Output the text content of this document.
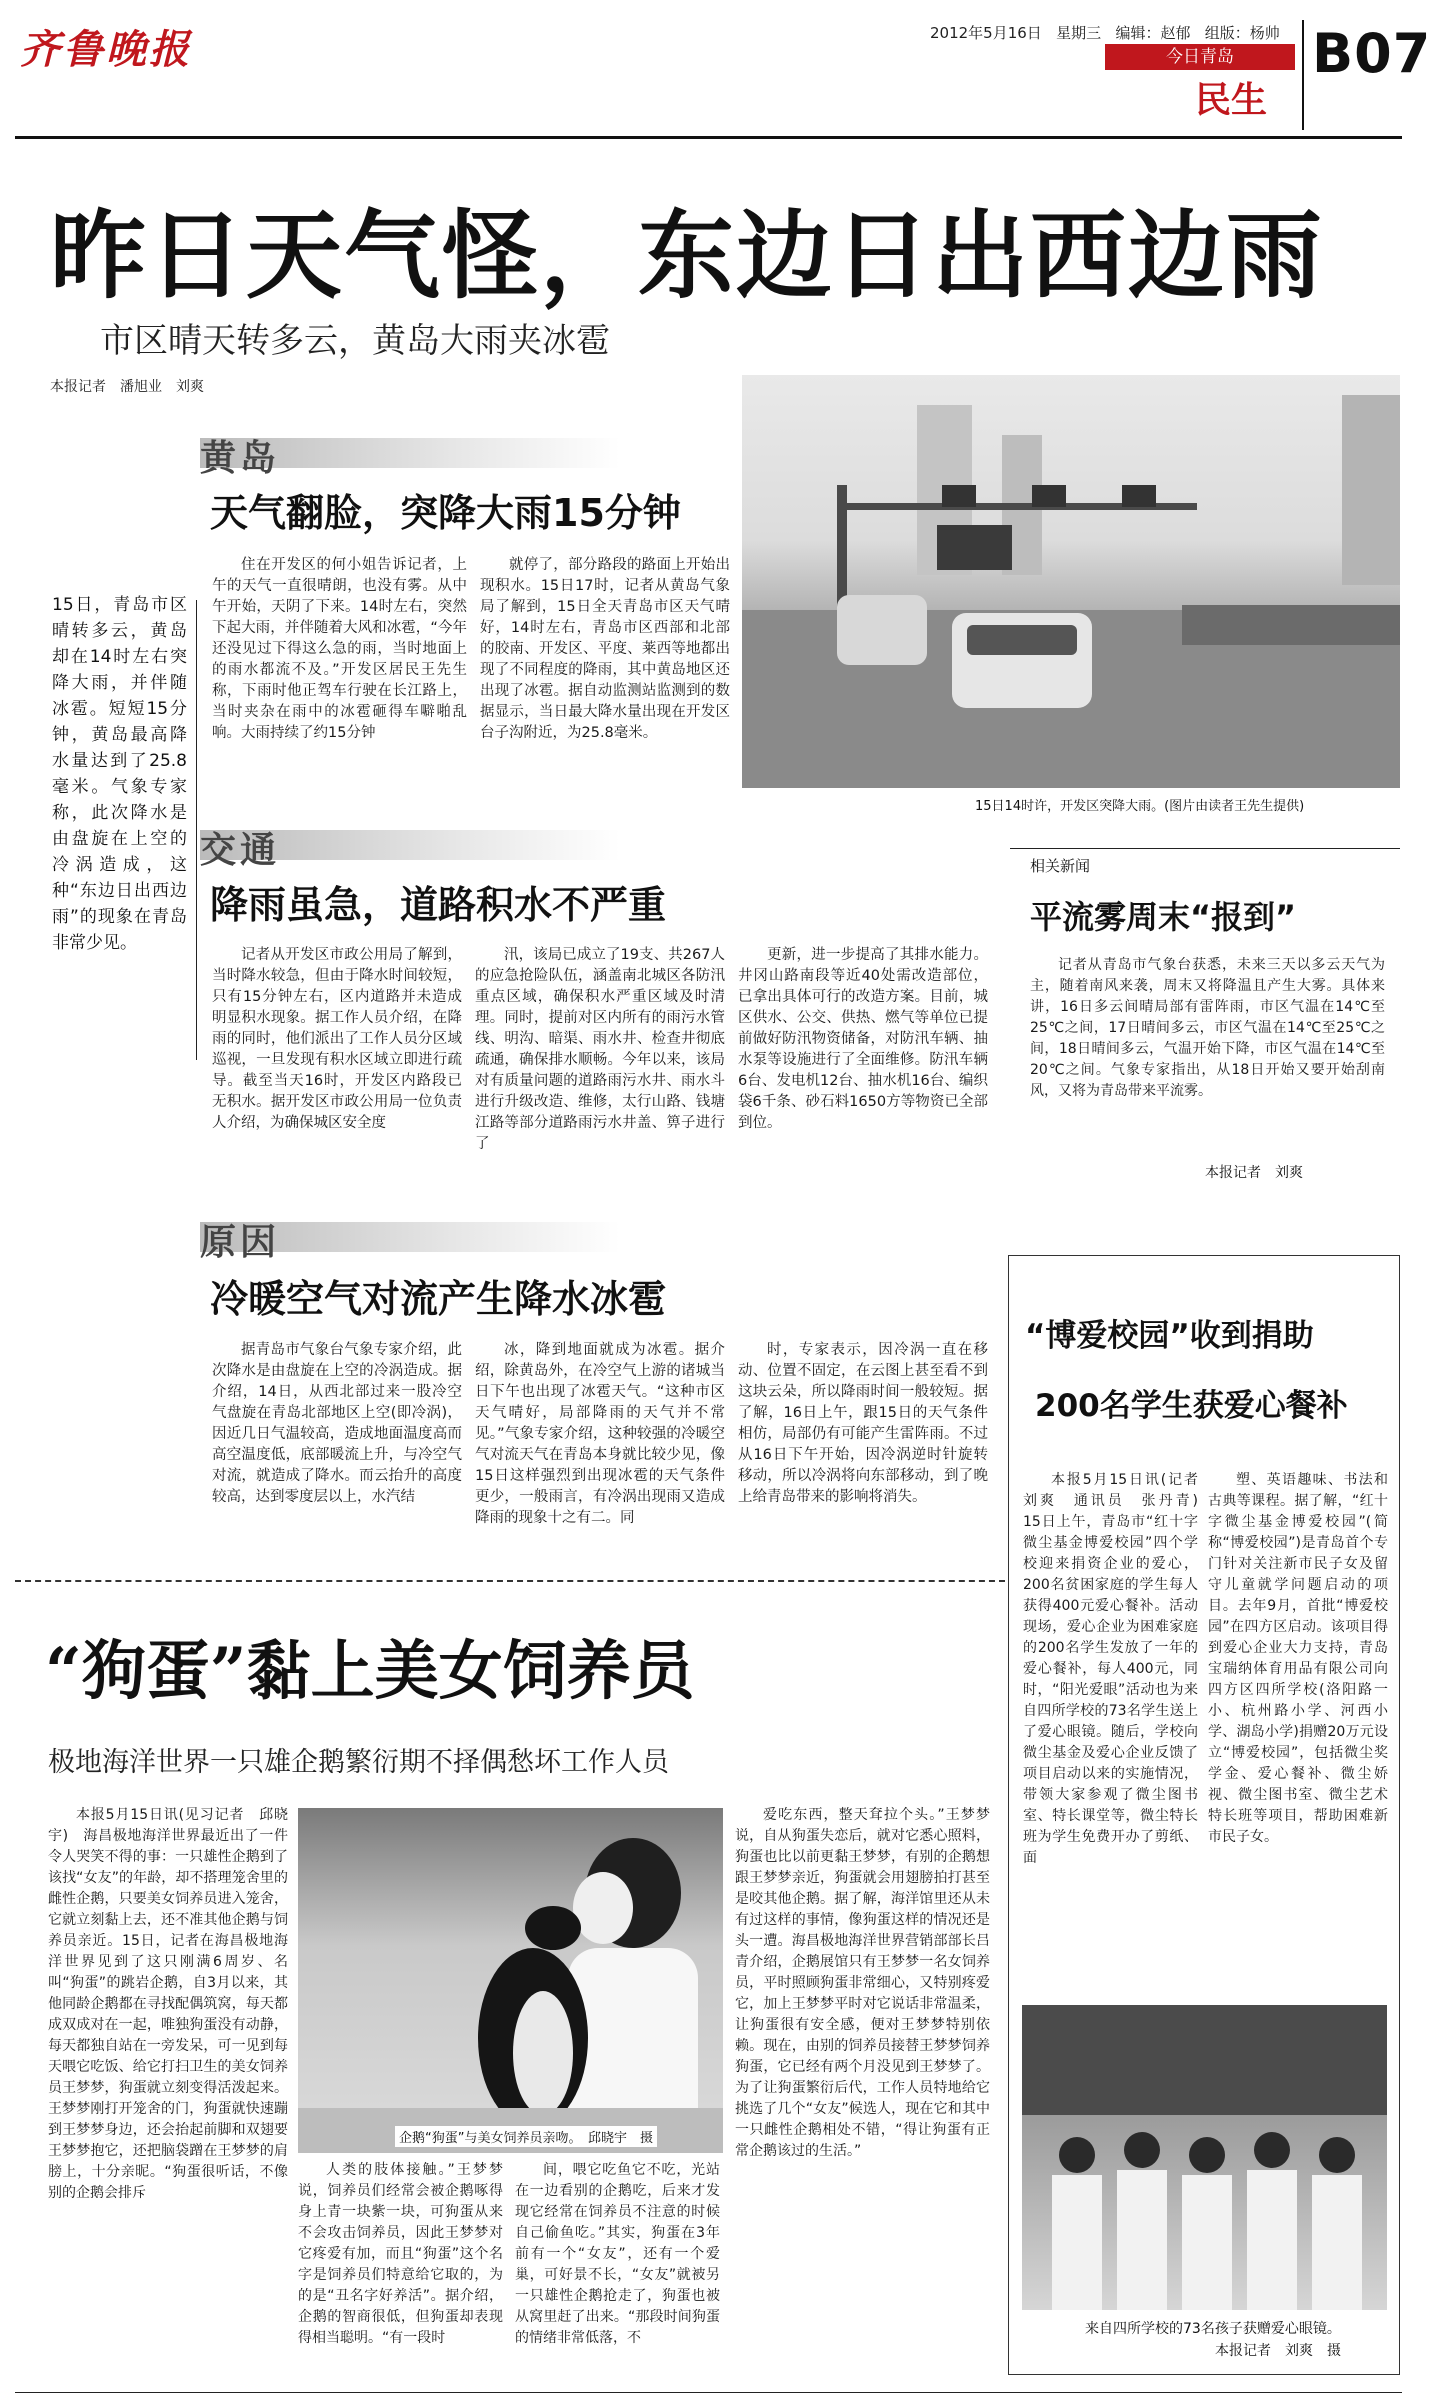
齐鲁晚报	2012年5月16日 星期三 编辑：赵郁 组版：杨帅
今日青岛
民生
B07
昨日天气怪，东边日出西边雨
市区晴天转多云，黄岛大雨夹冰雹
本报记者　潘旭业　刘爽
15日，青岛市区晴转多云，黄岛却在14时左右突降大雨，并伴随冰雹。短短15分钟，黄岛最高降水量达到了25.8毫米。气象专家称，此次降水是由盘旋在上空的冷涡造成，这种“东边日出西边雨”的现象在青岛非常少见。
15日14时许，开发区突降大雨。(图片由读者王先生提供)
黄岛
天气翻脸，突降大雨15分钟

住在开发区的何小姐告诉记者，上午的天气一直很晴朗，也没有雾。从中午开始，天阴了下来。14时左右，突然下起大雨，并伴随着大风和冰雹，“今年还没见过下得这么急的雨，当时地面上的雨水都流不及。”开发区居民王先生称，下雨时他正驾车行驶在长江路上，当时夹杂在雨中的冰雹砸得车噼啪乱响。大雨持续了约15分钟

就停了，部分路段的路面上开始出现积水。15日17时，记者从黄岛气象局了解到，15日全天青岛市区天气晴好，14时左右，青岛市区西部和北部的胶南、开发区、平度、莱西等地都出现了不同程度的降雨，其中黄岛地区还出现了冰雹。据自动监测站监测到的数据显示，当日最大降水量出现在开发区台子沟附近，为25.8毫米。

交通
降雨虽急，道路积水不严重

记者从开发区市政公用局了解到，当时降水较急，但由于降水时间较短，只有15分钟左右，区内道路并未造成明显积水现象。据工作人员介绍，在降雨的同时，他们派出了工作人员分区域巡视，一旦发现有积水区域立即进行疏导。截至当天16时，开发区内路段已无积水。据开发区市政公用局一位负责人介绍，为确保城区安全度

汛，该局已成立了19支、共267人的应急抢险队伍，涵盖南北城区各防汛重点区域，确保积水严重区域及时清理。同时，提前对区内所有的雨污水管线、明沟、暗渠、雨水井、检查井彻底疏通，确保排水顺畅。今年以来，该局对有质量问题的道路雨污水井、雨水斗进行升级改造、维修，太行山路、钱塘江路等部分道路雨污水井盖、箅子进行了

更新，进一步提高了其排水能力。井冈山路南段等近40处需改造部位，已拿出具体可行的改造方案。目前，城区供水、公交、供热、燃气等单位已提前做好防汛物资储备，对防汛车辆、抽水泵等设施进行了全面维修。防汛车辆6台、发电机12台、抽水机16台、编织袋6千条、砂石料1650方等物资已全部到位。

原因
冷暖空气对流产生降水冰雹

据青岛市气象台气象专家介绍，此次降水是由盘旋在上空的冷涡造成。据介绍，14日，从西北部过来一股冷空气盘旋在青岛北部地区上空(即冷涡)，因近几日气温较高，造成地面温度高而高空温度低，底部暖流上升，与冷空气对流，就造成了降水。而云抬升的高度较高，达到零度层以上，水汽结

冰，降到地面就成为冰雹。据介绍，除黄岛外，在冷空气上游的诸城当日下午也出现了冰雹天气。“这种市区天气晴好，局部降雨的天气并不常见。”气象专家介绍，这种较强的冷暖空气对流天气在青岛本身就比较少见，像15日这样强烈到出现冰雹的天气条件更少，一般雨言，有冷涡出现雨又造成降雨的现象十之有二。同

时，专家表示，因冷涡一直在移动、位置不固定，在云图上甚至看不到这块云朵，所以降雨时间一般较短。据了解，16日上午，跟15日的天气条件相仿，局部仍有可能产生雷阵雨。不过从16日下午开始，因冷涡逆时针旋转移动，所以冷涡将向东部移动，到了晚上给青岛带来的影响将消失。

相关新闻
平流雾周末“报到”

记者从青岛市气象台获悉，未来三天以多云天气为主，随着南风来袭，周末又将降温且产生大雾。具体来讲，16日多云间晴局部有雷阵雨，市区气温在14℃至25℃之间，17日晴间多云，市区气温在14℃至25℃之间，18日晴间多云，气温开始下降，市区气温在14℃至20℃之间。气象专家指出，从18日开始又要开始刮南风，又将为青岛带来平流雾。

本报记者　刘爽
“博爱校园”收到捐助
200名学生获爱心餐补

本报5月15日讯(记者　刘爽　通讯员　张丹青)　15日上午，青岛市“红十字微尘基金博爱校园”四个学校迎来捐资企业的爱心，200名贫困家庭的学生每人获得400元爱心餐补。活动现场，爱心企业为困难家庭的200名学生发放了一年的爱心餐补，每人400元，同时，“阳光爱眼”活动也为来自四所学校的73名学生送上了爱心眼镜。随后，学校向微尘基金及爱心企业反馈了项目启动以来的实施情况，带领大家参观了微尘图书室、特长课堂等，微尘特长班为学生免费开办了剪纸、面

塑、英语趣味、书法和古典等课程。据了解，“红十字微尘基金博爱校园”(简称“博爱校园”)是青岛首个专门针对关注新市民子女及留守儿童就学问题启动的项目。去年9月，首批“博爱校园”在四方区启动。该项目得到爱心企业大力支持，青岛宝瑞纳体育用品有限公司向四方区四所学校(洛阳路一小、杭州路小学、河西小学、湖岛小学)捐赠20万元设立“博爱校园”，包括微尘奖学金、爱心餐补、微尘娇视、微尘图书室、微尘艺术特长班等项目，帮助困难新市民子女。

来自四所学校的73名孩子获赠爱心眼镜。
本报记者　刘爽　摄
“狗蛋”黏上美女饲养员
极地海洋世界一只雄企鹅繁衍期不择偶愁坏工作人员

本报5月15日讯(见习记者　邱晓宇)　海昌极地海洋世界最近出了一件令人哭笑不得的事：一只雄性企鹅到了该找“女友”的年龄，却不搭理笼舍里的雌性企鹅，只要美女饲养员进入笼舍，它就立刻黏上去，还不准其他企鹅与饲养员亲近。15日，记者在海昌极地海洋世界见到了这只刚满6周岁、名叫“狗蛋”的跳岩企鹅，自3月以来，其他同龄企鹅都在寻找配偶筑窝，每天都成双成对在一起，唯独狗蛋没有动静，每天都独自站在一旁发呆，可一见到每天喂它吃饭、给它打扫卫生的美女饲养员王梦梦，狗蛋就立刻变得活泼起来。王梦梦刚打开笼舍的门，狗蛋就快速蹦到王梦梦身边，还会抬起前脚和双翅要王梦梦抱它，还把脑袋蹭在王梦梦的肩膀上，十分亲昵。“狗蛋很听话，不像别的企鹅会排斥

企鹅“狗蛋”与美女饲养员亲吻。　邱晓宇　摄

人类的肢体接触。”王梦梦说，饲养员们经常会被企鹅啄得身上青一块紫一块，可狗蛋从来不会攻击饲养员，因此王梦梦对它疼爱有加，而且“狗蛋”这个名字是饲养员们特意给它取的，为的是“丑名字好养活”。据介绍，企鹅的智商很低，但狗蛋却表现得相当聪明。“有一段时

间，喂它吃鱼它不吃，光站在一边看别的企鹅吃，后来才发现它经常在饲养员不注意的时候自己偷鱼吃。”其实，狗蛋在3年前有一个“女友”，还有一个爱巢，可好景不长，“女友”就被另一只雄性企鹅抢走了，狗蛋也被从窝里赶了出来。“那段时间狗蛋的情绪非常低落，不

爱吃东西，整天耷拉个头。”王梦梦说，自从狗蛋失恋后，就对它悉心照料，狗蛋也比以前更黏王梦梦，有别的企鹅想跟王梦梦亲近，狗蛋就会用翅膀拍打甚至是咬其他企鹅。据了解，海洋馆里还从未有过这样的事情，像狗蛋这样的情况还是头一遭。海昌极地海洋世界营销部部长吕青介绍，企鹅展馆只有王梦梦一名女饲养员，平时照顾狗蛋非常细心，又特别疼爱它，加上王梦梦平时对它说话非常温柔，让狗蛋很有安全感，便对王梦梦特别依赖。现在，由别的饲养员接替王梦梦饲养狗蛋，它已经有两个月没见到王梦梦了。为了让狗蛋繁衍后代，工作人员特地给它挑选了几个“女友”候选人，现在它和其中一只雌性企鹅相处不错，“得让狗蛋有正常企鹅该过的生活。”
